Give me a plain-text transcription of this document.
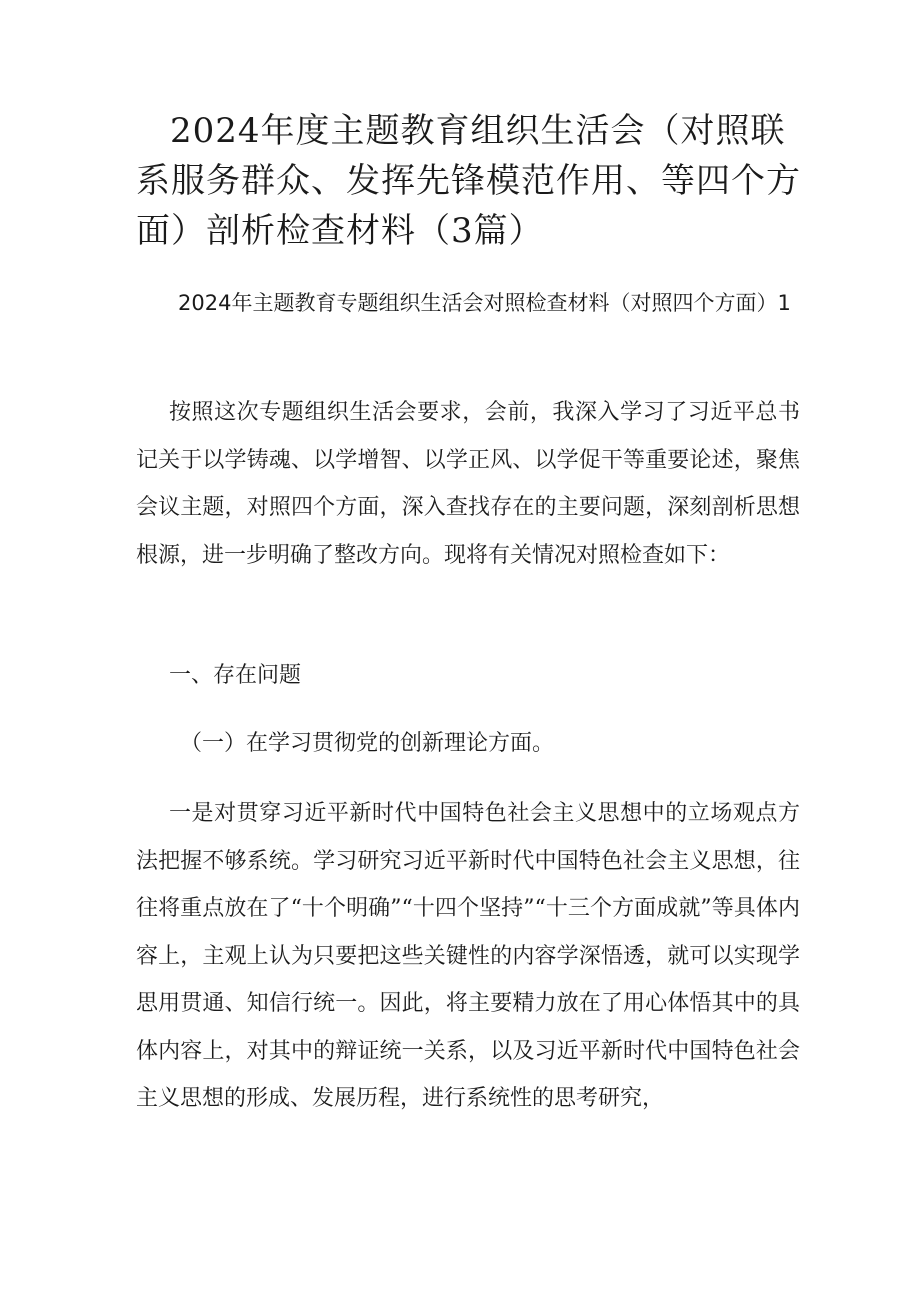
2024年度主题教育组织生活会（对照联系服务群众、发挥先锋模范作用、等四个方面）剖析检查材料（3篇）

2024年主题教育专题组织生活会对照检查材料（对照四个方面）1

按照这次专题组织生活会要求，会前，我深入学习了习近平总书记关于以学铸魂、以学增智、以学正风、以学促干等重要论述，聚焦会议主题，对照四个方面，深入查找存在的主要问题，深刻剖析思想根源，进一步明确了整改方向。现将有关情况对照检查如下：

一、存在问题

（一）在学习贯彻党的创新理论方面。

一是对贯穿习近平新时代中国特色社会主义思想中的立场观点方法把握不够系统。学习研究习近平新时代中国特色社会主义思想，往往将重点放在了“十个明确”“十四个坚持”“十三个方面成就”等具体内容上，主观上认为只要把这些关键性的内容学深悟透，就可以实现学思用贯通、知信行统一。因此，将主要精力放在了用心体悟其中的具体内容上，对其中的辩证统一关系，以及习近平新时代中国特色社会主义思想的形成、发展历程，进行系统性的思考研究，
